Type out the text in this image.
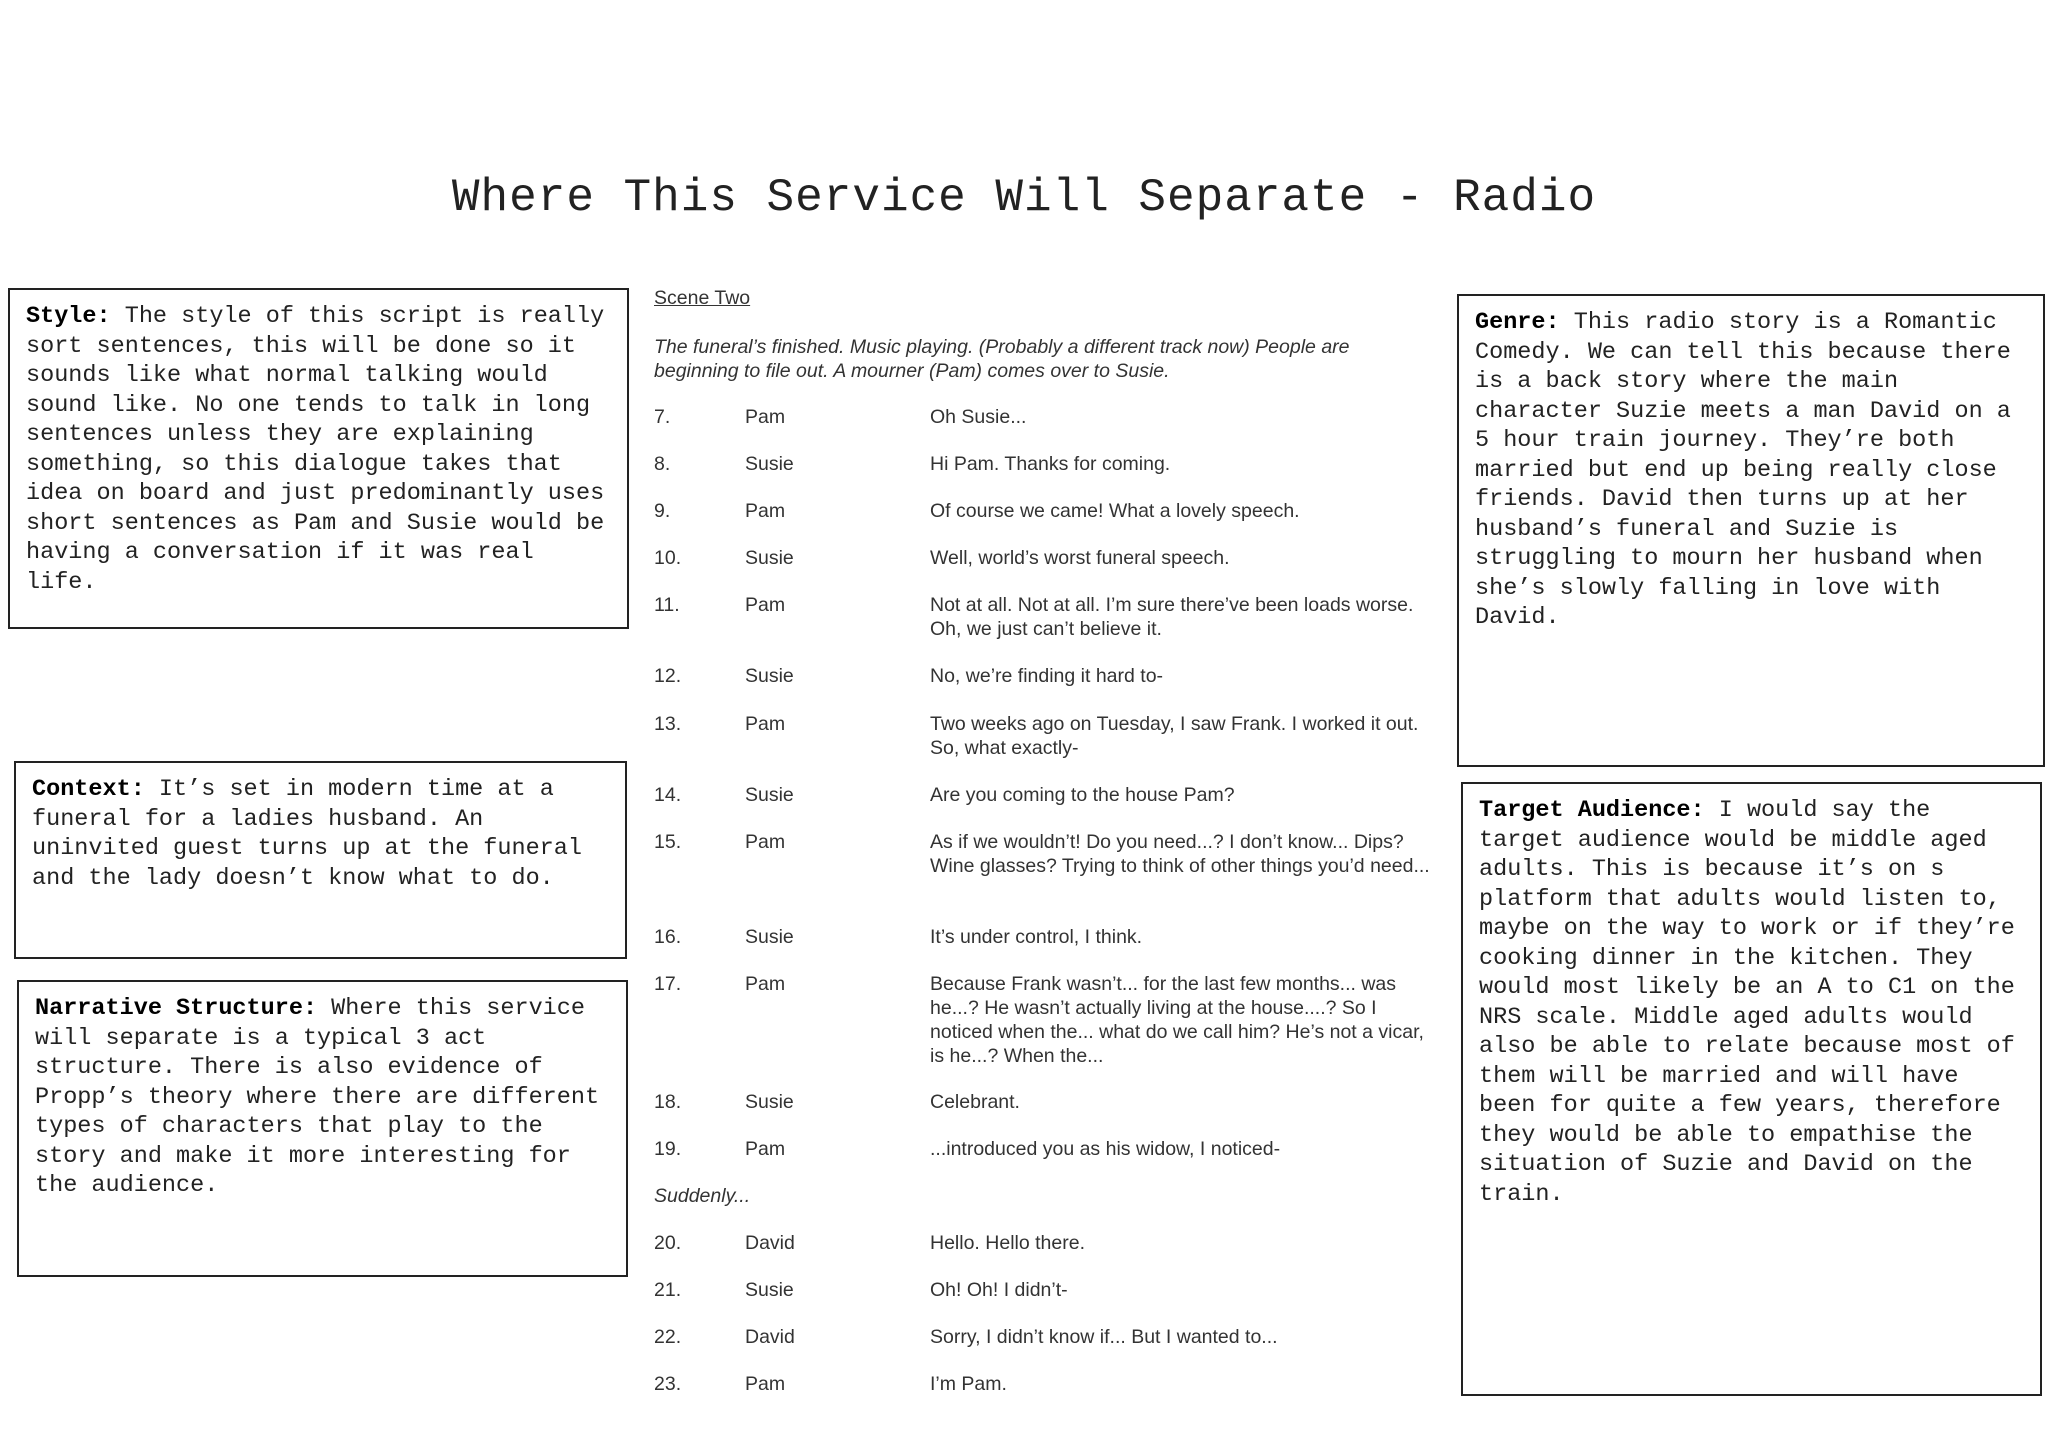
Where This Service Will Separate - Radio
Style: The style of this script is really sort sentences, this will be done so it sounds like what normal talking would sound like. No one tends to talk in long sentences unless they are explaining something, so this dialogue takes that idea on board and just predominantly uses short sentences as Pam and Susie would be having a conversation if it was real life.
Context: It’s set in modern time at a funeral for a ladies husband. An uninvited guest turns up at the funeral and the lady doesn’t know what to do.
Narrative Structure: Where this service will separate is a typical 3 act structure. There is also evidence of Propp’s theory where there are different types of characters that play to the story and make it more interesting for the audience.
Genre: This radio story is a Romantic Comedy. We can tell this because there is a back story where the main character Suzie meets a man David on a 5 hour train journey. They’re both married but end up being really close friends. David then turns up at her husband’s funeral and Suzie is struggling to mourn her husband when she’s slowly falling in love with David.
Target Audience: I would say the target audience would be middle aged adults. This is because it’s on s platform that adults would listen to, maybe on the way to work or if they’re cooking dinner in the kitchen. They would most likely be an A to C1 on the NRS scale. Middle aged adults would also be able to relate because most of them will be married and will have been for quite a few years, therefore they would be able to empathise the situation of Suzie and David on the train.
Scene Two
The funeral’s finished. Music playing. (Probably a different track now) People are beginning to file out. A mourner (Pam) comes over to Susie.
7.	Pam	Oh Susie...
8.	Susie	Hi Pam. Thanks for coming.
9.	Pam	Of course we came! What a lovely speech.
10.	Susie	Well, world’s worst funeral speech.
11.	Pam	Not at all. Not at all. I’m sure there’ve been loads worse. Oh, we just can’t believe it.
12.	Susie	No, we’re finding it hard to-
13.	Pam	Two weeks ago on Tuesday, I saw Frank. I worked it out. So, what exactly-
14.	Susie	Are you coming to the house Pam?
15.	Pam	As if we wouldn’t! Do you need...? I don’t know... Dips? Wine glasses? Trying to think of other things you’d need...
16.	Susie	It’s under control, I think.
17.	Pam	Because Frank wasn’t... for the last few months... was he...? He wasn’t actually living at the house....? So I noticed when the... what do we call him? He’s not a vicar, is he...? When the...
18.	Susie	Celebrant.
19.	Pam	...introduced you as his widow, I noticed-
Suddenly...
20.	David	Hello. Hello there.
21.	Susie	Oh! Oh! I didn’t-
22.	David	Sorry, I didn’t know if... But I wanted to...
23.	Pam	I’m Pam.
